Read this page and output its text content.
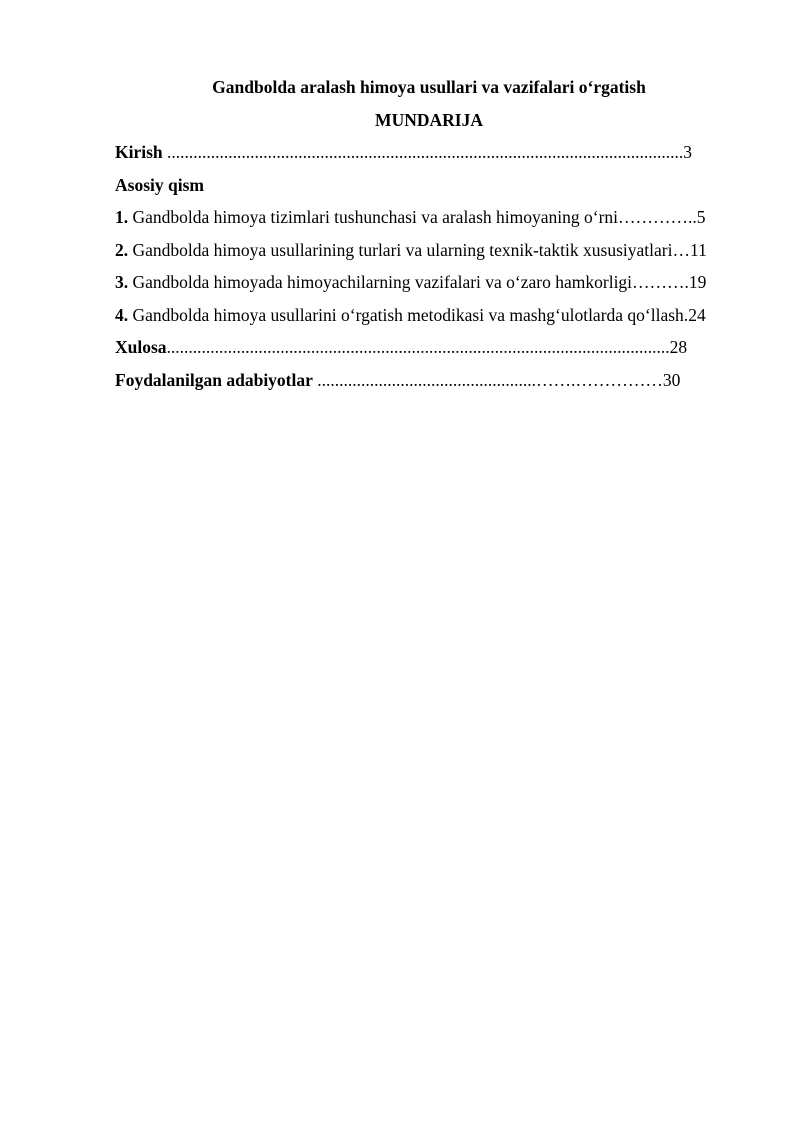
Gandbolda aralash himoya usullari va vazifalari o‘rgatish
MUNDARIJA
Kirish ......................................................................................................................3
Asosiy qism
1. Gandbolda himoya tizimlari tushunchasi va aralash himoyaning o‘rni…………..5
2. Gandbolda himoya usullarining turlari va ularning texnik-taktik xususiyatlari…11
3. Gandbolda himoyada himoyachilarning vazifalari va o‘zaro hamkorligi……….19
4. Gandbolda himoya usullarini o‘rgatish metodikasi va mashg‘ulotlarda qo‘llash.24
Xulosa...................................................................................................................28
Foydalanilgan adabiyotlar ..................................................…….……………30
